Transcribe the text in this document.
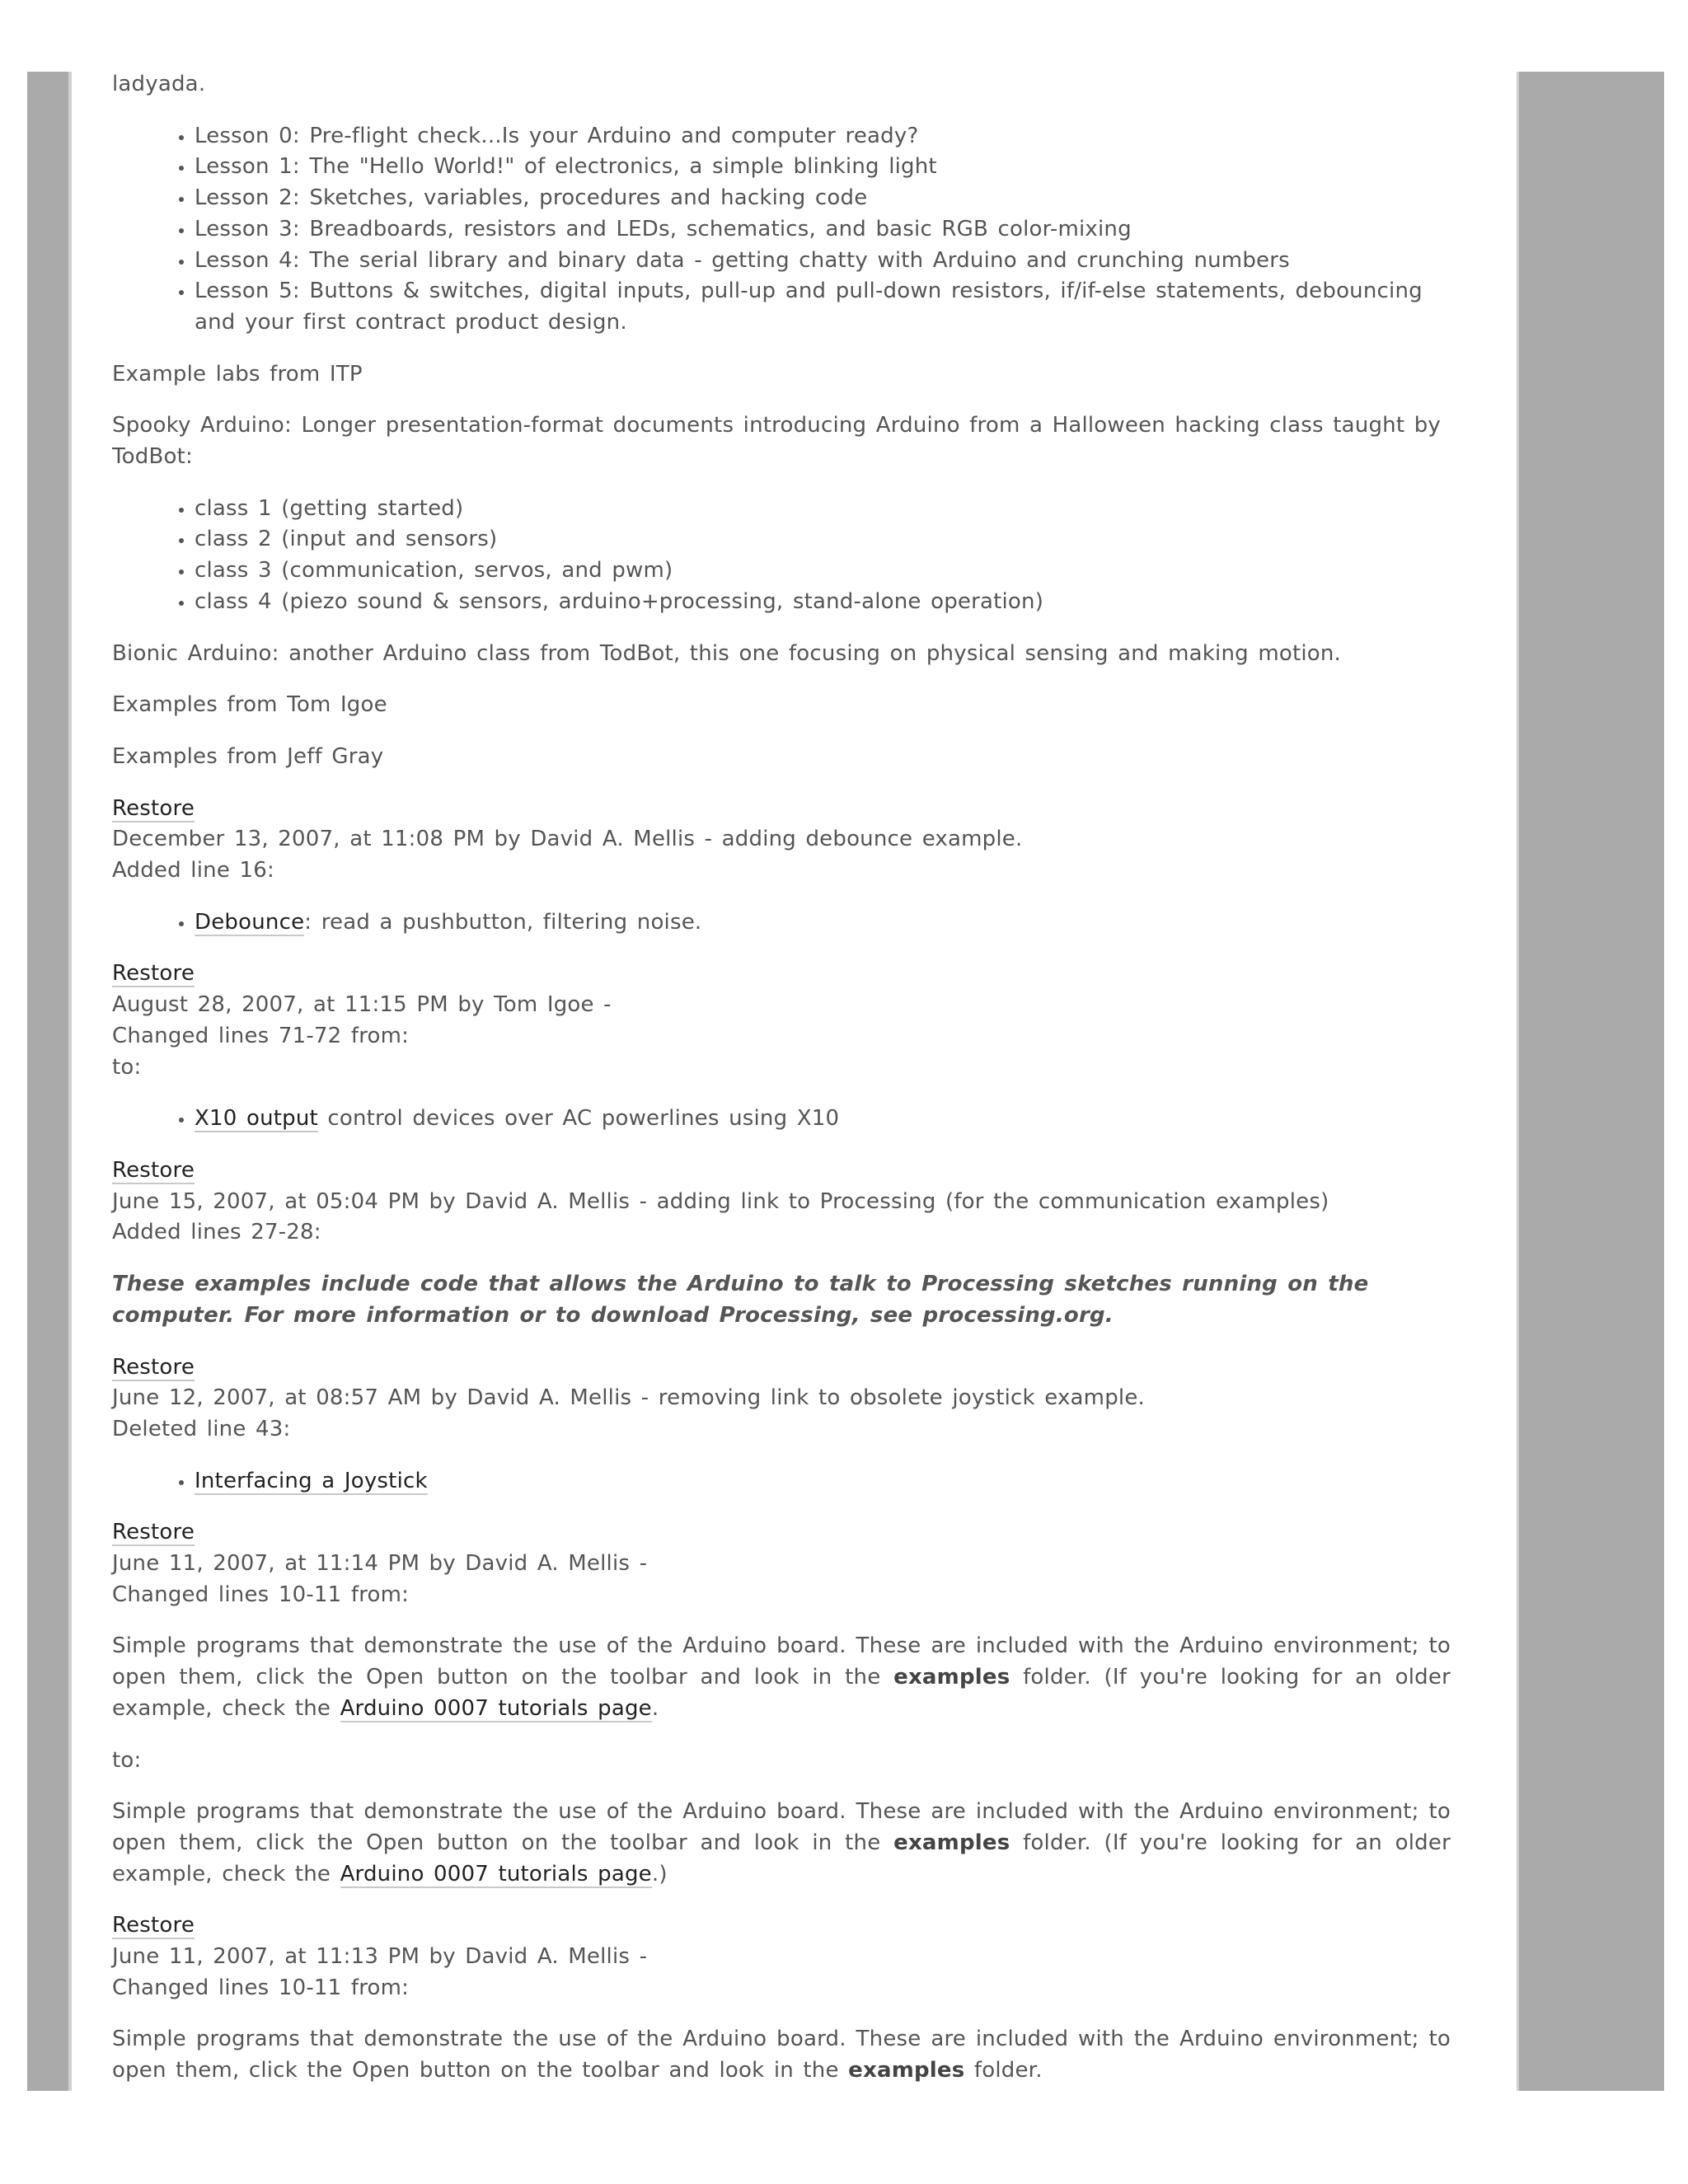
ladyada.

• Lesson 0: Pre-flight check...Is your Arduino and computer ready?
• Lesson 1: The "Hello World!" of electronics, a simple blinking light
• Lesson 2: Sketches, variables, procedures and hacking code
• Lesson 3: Breadboards, resistors and LEDs, schematics, and basic RGB color-mixing
• Lesson 4: The serial library and binary data - getting chatty with Arduino and crunching numbers
• Lesson 5: Buttons & switches, digital inputs, pull-up and pull-down resistors, if/if-else statements, debouncing and your first contract product design.

Example labs from ITP

Spooky Arduino: Longer presentation-format documents introducing Arduino from a Halloween hacking class taught by TodBot:

• class 1 (getting started)
• class 2 (input and sensors)
• class 3 (communication, servos, and pwm)
• class 4 (piezo sound & sensors, arduino+processing, stand-alone operation)

Bionic Arduino: another Arduino class from TodBot, this one focusing on physical sensing and making motion.

Examples from Tom Igoe

Examples from Jeff Gray

Restore
December 13, 2007, at 11:08 PM by David A. Mellis - adding debounce example.
Added line 16:
• Debounce: read a pushbutton, filtering noise.
Restore
August 28, 2007, at 11:15 PM by Tom Igoe -
Changed lines 71-72 from:
to:
• X10 output control devices over AC powerlines using X10
Restore
June 15, 2007, at 05:04 PM by David A. Mellis - adding link to Processing (for the communication examples)
Added lines 27-28:

These examples include code that allows the Arduino to talk to Processing sketches running on the computer. For more information or to download Processing, see processing.org.

Restore
June 12, 2007, at 08:57 AM by David A. Mellis - removing link to obsolete joystick example.
Deleted line 43:
• Interfacing a Joystick
Restore
June 11, 2007, at 11:14 PM by David A. Mellis -
Changed lines 10-11 from:

Simple programs that demonstrate the use of the Arduino board. These are included with the Arduino environment; to open them, click the Open button on the toolbar and look in the examples folder. (If you're looking for an older example, check the Arduino 0007 tutorials page.

to:

Simple programs that demonstrate the use of the Arduino board. These are included with the Arduino environment; to open them, click the Open button on the toolbar and look in the examples folder. (If you're looking for an older example, check the Arduino 0007 tutorials page.)

Restore
June 11, 2007, at 11:13 PM by David A. Mellis -
Changed lines 10-11 from:

Simple programs that demonstrate the use of the Arduino board. These are included with the Arduino environment; to open them, click the Open button on the toolbar and look in the examples folder.
